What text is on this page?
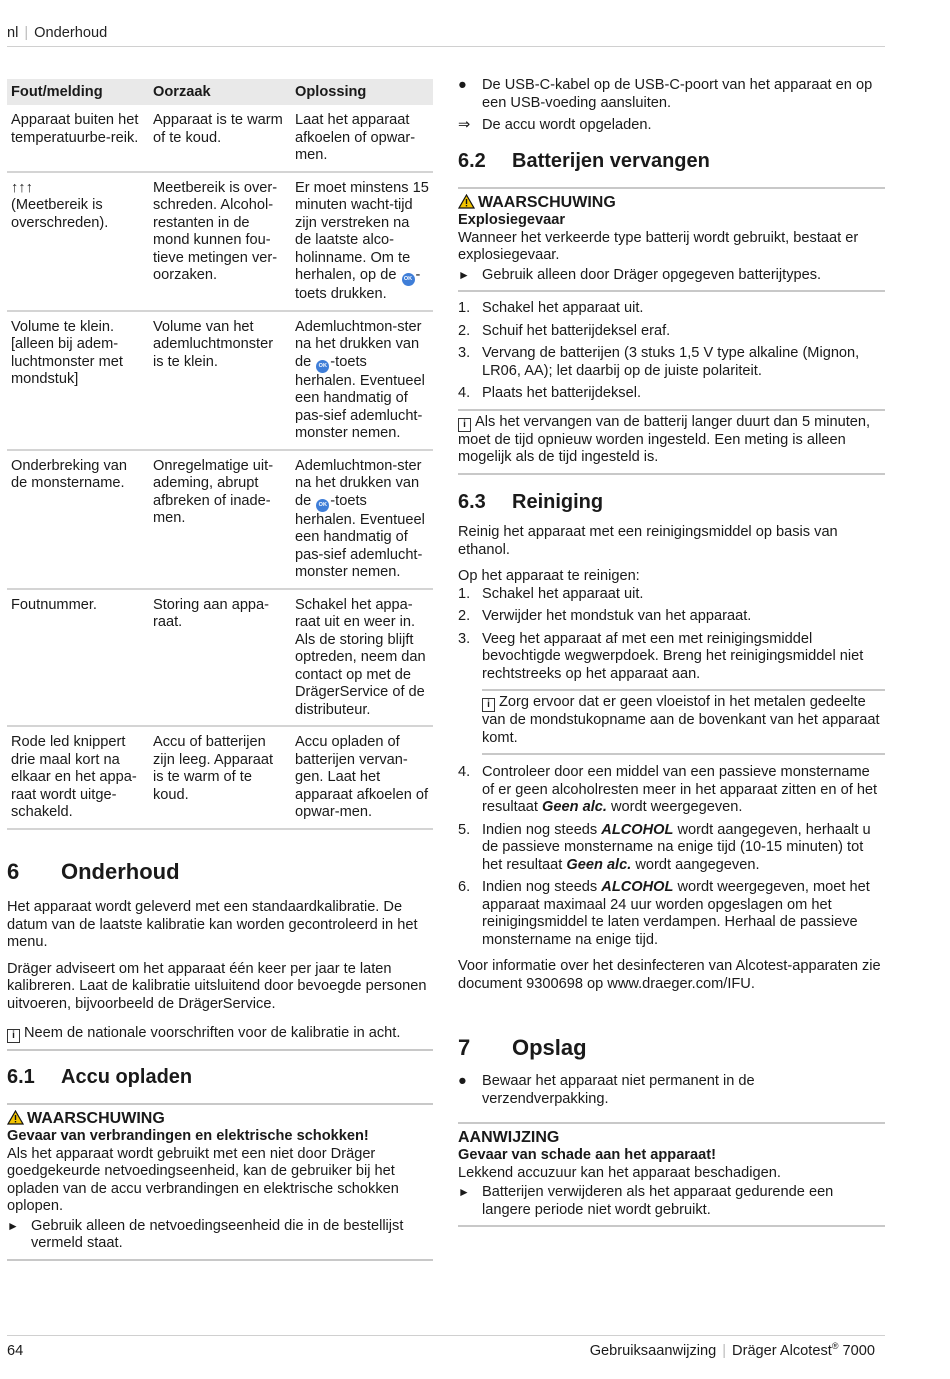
nl | Onderhoud
Fout/melding	Oorzaak	Oplossing
Apparaat buiten het temperatuurbe-reik.	Apparaat is te warm of te koud.	Laat het apparaat afkoelen of opwar-men.
↑↑↑
(Meetbereik is overschreden).	Meetbereik is over-schreden. Alcohol-restanten in de mond kunnen fou-tieve metingen ver-oorzaken.	Er moet minstens 15 minuten wacht-tijd zijn verstreken na de laatste alco-holinname. Om te herhalen, op de OK -toets drukken.
Volume te klein. [alleen bij adem-luchtmonster met mondstuk]	Volume van het ademluchtmonster is te klein.	Ademluchtmon-ster na het drukken van de OK -toets herhalen. Eventueel een handmatig of pas-sief ademlucht-monster nemen.
Onderbreking van de monstername.	Onregelmatige uit-ademing, abrupt afbreken of inade-men.	Ademluchtmon-ster na het drukken van de OK -toets herhalen. Eventueel een handmatig of pas-sief ademlucht-monster nemen.
Foutnummer.	Storing aan appa-raat.	Schakel het appa-raat uit en weer in. Als de storing blijft optreden, neem dan contact op met de DrägerService of de distributeur.
Rode led knippert drie maal kort na elkaar en het appa-raat wordt uitge-schakeld.	Accu of batterijen zijn leeg. Apparaat is te warm of te koud.	Accu opladen of batterijen vervan-gen. Laat het apparaat afkoelen of opwar-men.
6 Onderhoud

Het apparaat wordt geleverd met een standaardkalibratie. De datum van de laatste kalibratie kan worden gecontroleerd in het menu.

Dräger adviseert om het apparaat één keer per jaar te laten kalibreren. Laat de kalibratie uitsluitend door bevoegde personen uitvoeren, bijvoorbeeld de DrägerService.

i Neem de nationale voorschriften voor de kalibratie in acht.
6.1 Accu opladen
WAARSCHUWING
Gevaar van verbrandingen en elektrische schokken!

Als het apparaat wordt gebruikt met een niet door Dräger goedgekeurde netvoedingseenheid, kan de gebruiker bij het opladen van de accu verbrandingen en elektrische schokken oplopen.

► Gebruik alleen de netvoedingseenheid die in de bestellijst vermeld staat.
● De USB-C-kabel op de USB-C-poort van het apparaat en op een USB-voeding aansluiten.
⇒ De accu wordt opgeladen.
6.2 Batterijen vervangen
WAARSCHUWING
Explosiegevaar

Wanneer het verkeerde type batterij wordt gebruikt, bestaat er explosiegevaar.

► Gebruik alleen door Dräger opgegeven batterijtypes.
1. Schakel het apparaat uit.
2. Schuif het batterijdeksel eraf.
3. Vervang de batterijen (3 stuks 1,5 V type alkaline (Mignon, LR06, AA); let daarbij op de juiste polariteit.
4. Plaats het batterijdeksel.
i Als het vervangen van de batterij langer duurt dan 5 minuten, moet de tijd opnieuw worden ingesteld. Een meting is alleen mogelijk als de tijd ingesteld is.
6.3 Reiniging

Reinig het apparaat met een reinigingsmiddel op basis van ethanol.

Op het apparaat te reinigen:

1. Schakel het apparaat uit.
2. Verwijder het mondstuk van het apparaat.
3. Veeg het apparaat af met een met reinigingsmiddel bevochtigde wegwerpdoek. Breng het reinigingsmiddel niet rechtstreeks op het apparaat aan.
i Zorg ervoor dat er geen vloeistof in het metalen gedeelte van de mondstukopname aan de bovenkant van het apparaat komt.
4. Controleer door een middel van een passieve monstername of er geen alcoholresten meer in het apparaat zitten en of het resultaat Geen alc. wordt weergegeven.
5. Indien nog steeds ALCOHOL wordt aangegeven, herhaalt u de passieve monstername na enige tijd (10-15 minuten) tot het resultaat Geen alc. wordt aangegeven.
6. Indien nog steeds ALCOHOL wordt weergegeven, moet het apparaat maximaal 24 uur worden opgeslagen om het reinigingsmiddel te laten verdampen. Herhaal de passieve monstername na enige tijd.

Voor informatie over het desinfecteren van Alcotest-apparaten zie document 9300698 op www.draeger.com/IFU.

7 Opslag
● Bewaar het apparaat niet permanent in de verzendverpakking.
AANWIJZING
Gevaar van schade aan het apparaat!

Lekkend accuzuur kan het apparaat beschadigen.

► Batterijen verwijderen als het apparaat gedurende een langere periode niet wordt gebruikt.
64	Gebruiksaanwijzing | Dräger Alcotest® 7000
